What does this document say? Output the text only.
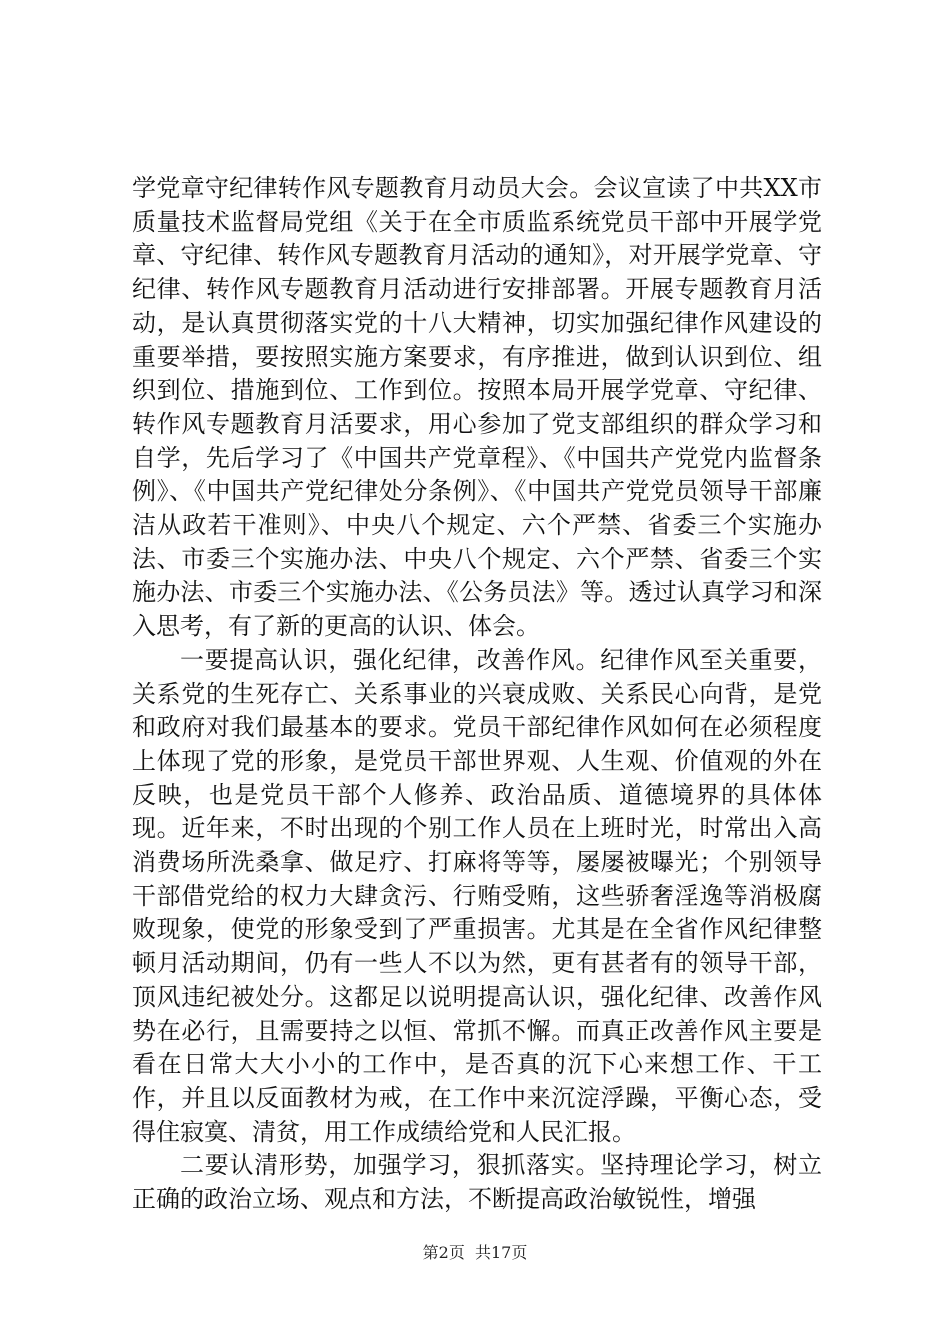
学党章守纪律转作风专题教育月动员大会。会议宣读了中共XX市质量技术监督局党组《关于在全市质监系统党员干部中开展学党章、守纪律、转作风专题教育月活动的通知》，对开展学党章、守纪律、转作风专题教育月活动进行安排部署。开展专题教育月活动，是认真贯彻落实党的十八大精神，切实加强纪律作风建设的重要举措，要按照实施方案要求，有序推进，做到认识到位、组织到位、措施到位、工作到位。按照本局开展学党章、守纪律、转作风专题教育月活要求，用心参加了党支部组织的群众学习和自学，先后学习了《中国共产党章程》、《中国共产党党内监督条例》、《中国共产党纪律处分条例》、《中国共产党党员领导干部廉洁从政若干准则》、中央八个规定、六个严禁、省委三个实施办法、市委三个实施办法、中央八个规定、六个严禁、省委三个实施办法、市委三个实施办法、《公务员法》等。透过认真学习和深入思考，有了新的更高的认识、体会。

一要提高认识，强化纪律，改善作风。纪律作风至关重要，关系党的生死存亡、关系事业的兴衰成败、关系民心向背，是党和政府对我们最基本的要求。党员干部纪律作风如何在必须程度上体现了党的形象，是党员干部世界观、人生观、价值观的外在反映，也是党员干部个人修养、政治品质、道德境界的具体体现。近年来，不时出现的个别工作人员在上班时光，时常出入高消费场所洗桑拿、做足疗、打麻将等等，屡屡被曝光；个别领导干部借党给的权力大肆贪污、行贿受贿，这些骄奢淫逸等消极腐败现象，使党的形象受到了严重损害。尤其是在全省作风纪律整顿月活动期间，仍有一些人不以为然，更有甚者有的领导干部，顶风违纪被处分。这都足以说明提高认识，强化纪律、改善作风势在必行，且需要持之以恒、常抓不懈。而真正改善作风主要是看在日常大大小小的工作中，是否真的沉下心来想工作、干工作，并且以反面教材为戒，在工作中来沉淀浮躁，平衡心态，受得住寂寞、清贫，用工作成绩给党和人民汇报。

二要认清形势，加强学习，狠抓落实。坚持理论学习，树立正确的政治立场、观点和方法，不断提高政治敏锐性，增强

第2页  共17页
